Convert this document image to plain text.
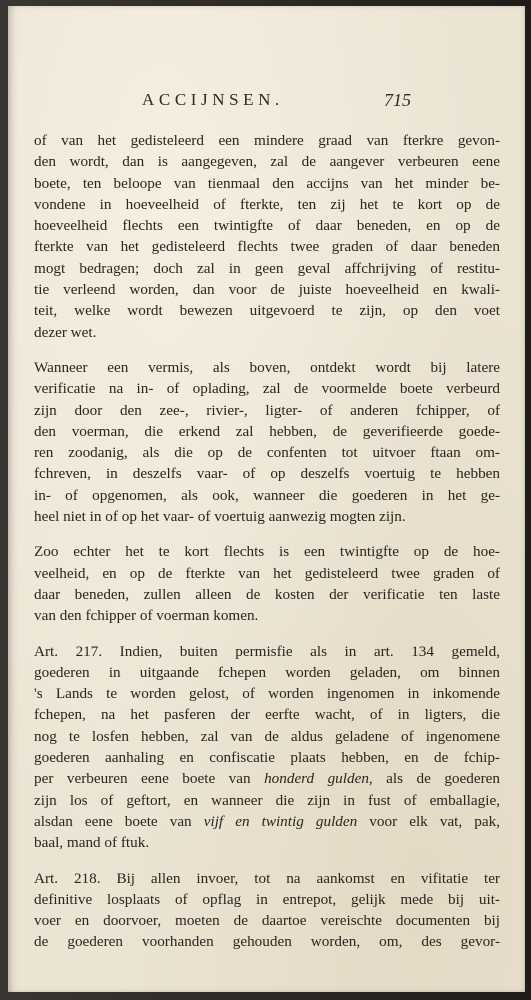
ACCIJNSEN.	715
of van het gedisteleerd een mindere graad van fterkre gevon-
den wordt, dan is aangegeven, zal de aangever verbeuren eene
boete, ten beloope van tienmaal den accijns van het minder be-
vondene in hoeveelheid of fterkte, ten zij het te kort op de
hoeveelheid flechts een twintigfte of daar beneden, en op de
fterkte van het gedisteleerd flechts twee graden of daar beneden
mogt bedragen; doch zal in geen geval affchrijving of restitu-
tie verleend worden, dan voor de juiste hoeveelheid en kwali-
teit, welke wordt bewezen uitgevoerd te zijn, op den voet
dezer wet.
Wanneer een vermis, als boven, ontdekt wordt bij latere
verificatie na in- of oplading, zal de voormelde boete verbeurd
zijn door den zee-, rivier-, ligter- of anderen fchipper, of
den voerman, die erkend zal hebben, de geverifieerde goede-
ren zoodanig, als die op de confenten tot uitvoer ftaan om-
fchreven, in deszelfs vaar- of op deszelfs voertuig te hebben
in- of opgenomen, als ook, wanneer die goederen in het ge-
heel niet in of op het vaar- of voertuig aanwezig mogten zijn.
Zoo echter het te kort flechts is een twintigfte op de hoe-
veelheid, en op de fterkte van het gedisteleerd twee graden of
daar beneden, zullen alleen de kosten der verificatie ten laste
van den fchipper of voerman komen.
Art. 217. Indien, buiten permisfie als in art. 134 gemeld,
goederen in uitgaande fchepen worden geladen, om binnen
's Lands te worden gelost, of worden ingenomen in inkomende
fchepen, na het pasferen der eerfte wacht, of in ligters, die
nog te losfen hebben, zal van de aldus geladene of ingenomene
goederen aanhaling en confiscatie plaats hebben, en de fchip-
per verbeuren eene boete van honderd gulden, als de goederen
zijn los of geftort, en wanneer die zijn in fust of emballagie,
alsdan eene boete van vijf en twintig gulden voor elk vat, pak,
baal, mand of ftuk.
Art. 218. Bij allen invoer, tot na aankomst en vifitatie ter
definitive losplaats of opflag in entrepot, gelijk mede bij uit-
voer en doorvoer, moeten de daartoe vereischte documenten bij
de goederen voorhanden gehouden worden, om, des gevor-
